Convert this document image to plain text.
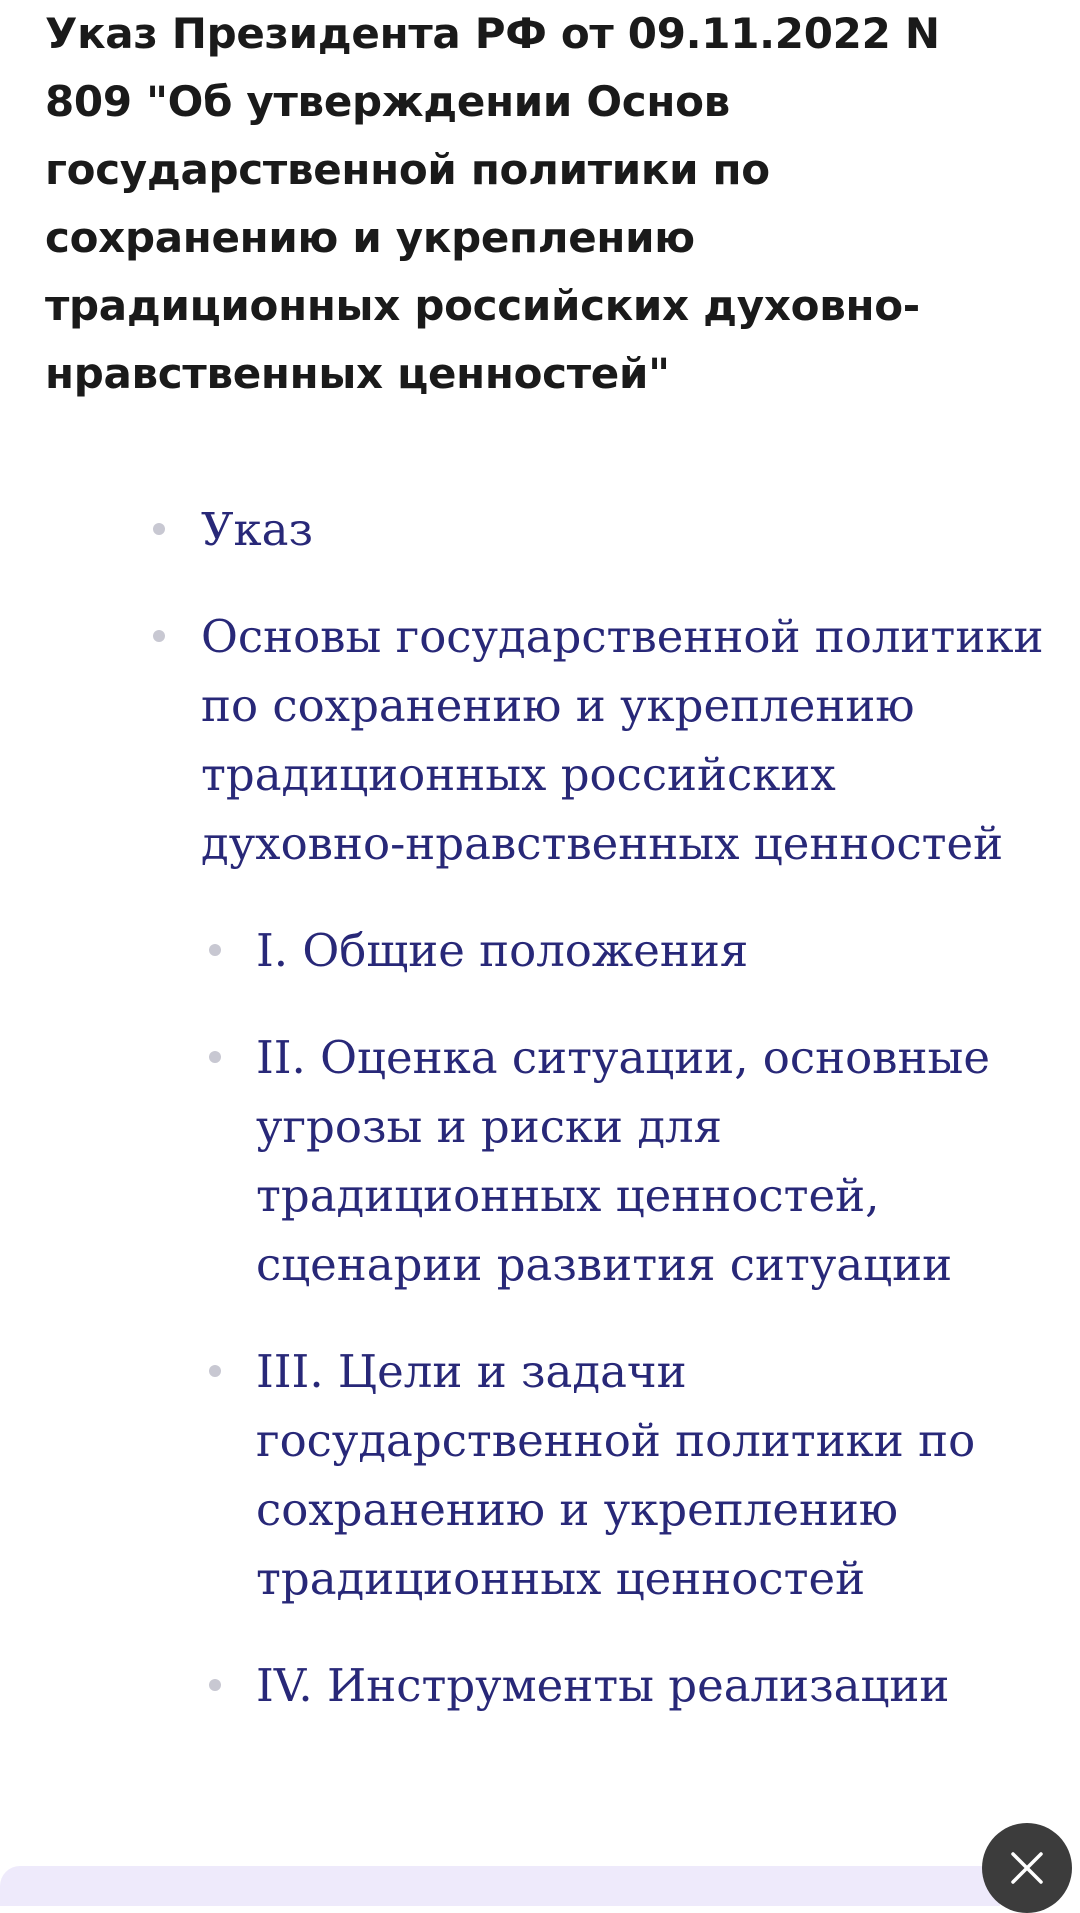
Указ Президента РФ от 09.11.2022 N 809 "Об утверждении Основ государственной политики по сохранению и укреплению традиционных российских духовно-нравственных ценностей"
Указ
Основы государственной политики по сохранению и укреплению традиционных российских духовно-нравственных ценностей
I. Общие положения
II. Оценка ситуации, основные угрозы и риски для традиционных ценностей, сценарии развития ситуации
III. Цели и задачи государственной политики по сохранению и укреплению традиционных ценностей
IV. Инструменты реализации
